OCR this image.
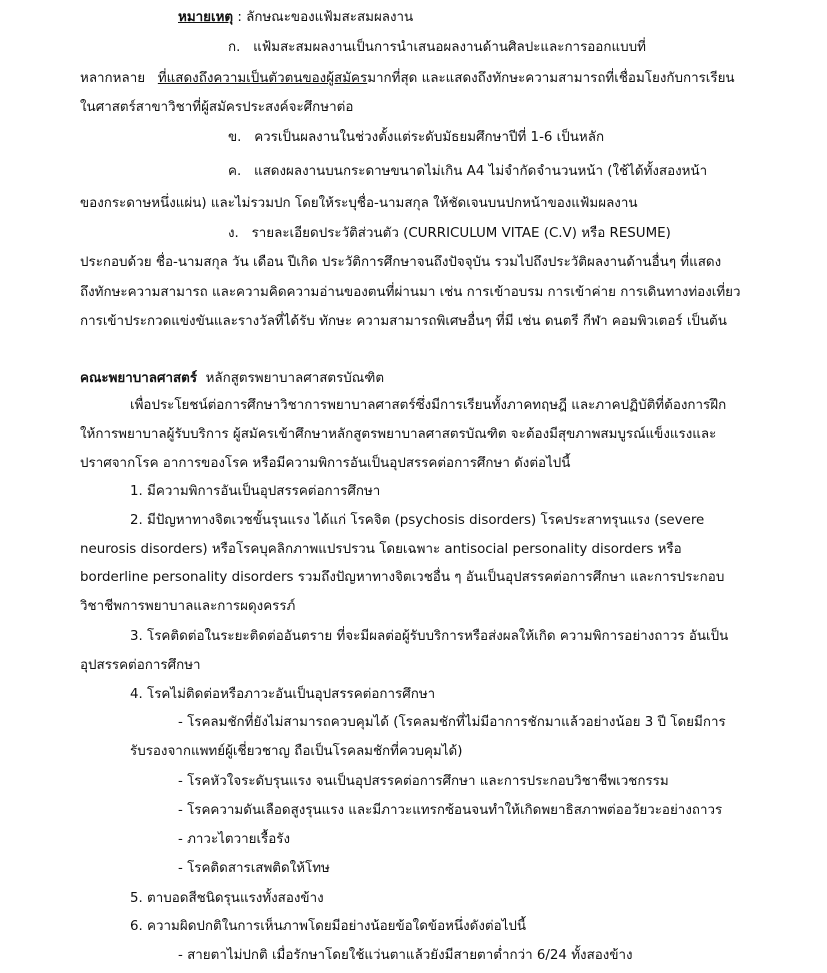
หมายเหตุ : ลักษณะของแฟ้มสะสมผลงาน
ก. แฟ้มสะสมผลงานเป็นการนำเสนอผลงานด้านศิลปะและการออกแบบที่
หลากหลาย ที่แสดงถึงความเป็นตัวตนของผู้สมัครมากที่สุด และแสดงถึงทักษะความสามารถที่เชื่อมโยงกับการเรียน
ในศาสตร์สาขาวิชาที่ผู้สมัครประสงค์จะศึกษาต่อ
ข. ควรเป็นผลงานในช่วงตั้งแต่ระดับมัธยมศึกษาปีที่ 1-6 เป็นหลัก
ค. แสดงผลงานบนกระดาษขนาดไม่เกิน A4 ไม่จำกัดจำนวนหน้า (ใช้ได้ทั้งสองหน้า
ของกระดาษหนึ่งแผ่น) และไม่รวมปก โดยให้ระบุชื่อ-นามสกุล ให้ชัดเจนบนปกหน้าของแฟ้มผลงาน
ง. รายละเอียดประวัติส่วนตัว (CURRICULUM VITAE (C.V) หรือ RESUME)
ประกอบด้วย ชื่อ-นามสกุล วัน เดือน ปีเกิด ประวัติการศึกษาจนถึงปัจจุบัน รวมไปถึงประวัติผลงานด้านอื่นๆ ที่แสดง
ถึงทักษะความสามารถ และความคิดความอ่านของตนที่ผ่านมา เช่น การเข้าอบรม การเข้าค่าย การเดินทางท่องเที่ยว
การเข้าประกวดแข่งขันและรางวัลที่ได้รับ ทักษะ ความสามารถพิเศษอื่นๆ ที่มี เช่น ดนตรี กีฬา คอมพิวเตอร์ เป็นต้น
คณะพยาบาลศาสตร์ หลักสูตรพยาบาลศาสตรบัณฑิต
เพื่อประโยชน์ต่อการศึกษาวิชาการพยาบาลศาสตร์ซึ่งมีการเรียนทั้งภาคทฤษฎี และภาคปฏิบัติที่ต้องการฝึก
ให้การพยาบาลผู้รับบริการ ผู้สมัครเข้าศึกษาหลักสูตรพยาบาลศาสตรบัณฑิต จะต้องมีสุขภาพสมบูรณ์แข็งแรงและ
ปราศจากโรค อาการของโรค หรือมีความพิการอันเป็นอุปสรรคต่อการศึกษา ดังต่อไปนี้
1. มีความพิการอันเป็นอุปสรรคต่อการศึกษา
2. มีปัญหาทางจิตเวชขั้นรุนแรง ได้แก่ โรคจิต (psychosis disorders) โรคประสาทรุนแรง (severe
neurosis disorders) หรือโรคบุคลิกภาพแปรปรวน โดยเฉพาะ antisocial personality disorders หรือ
borderline personality disorders รวมถึงปัญหาทางจิตเวชอื่น ๆ อันเป็นอุปสรรคต่อการศึกษา และการประกอบ
วิชาชีพการพยาบาลและการผดุงครรภ์
3. โรคติดต่อในระยะติดต่ออันตราย ที่จะมีผลต่อผู้รับบริการหรือส่งผลให้เกิด ความพิการอย่างถาวร อันเป็น
อุปสรรคต่อการศึกษา
4. โรคไม่ติดต่อหรือภาวะอันเป็นอุปสรรคต่อการศึกษา
- โรคลมชักที่ยังไม่สามารถควบคุมได้ (โรคลมชักที่ไม่มีอาการชักมาแล้วอย่างน้อย 3 ปี โดยมีการ
รับรองจากแพทย์ผู้เชี่ยวชาญ ถือเป็นโรคลมชักที่ควบคุมได้)
- โรคหัวใจระดับรุนแรง จนเป็นอุปสรรคต่อการศึกษา และการประกอบวิชาชีพเวชกรรม
- โรคความดันเลือดสูงรุนแรง และมีภาวะแทรกซ้อนจนทำให้เกิดพยาธิสภาพต่ออวัยวะอย่างถาวร
- ภาวะไตวายเรื้อรัง
- โรคติดสารเสพติดให้โทษ
5. ตาบอดสีชนิดรุนแรงทั้งสองข้าง
6. ความผิดปกติในการเห็นภาพโดยมีอย่างน้อยข้อใดข้อหนึ่งดังต่อไปนี้
- สายตาไม่ปกติ เมื่อรักษาโดยใช้แว่นตาแล้วยังมีสายตาต่ำกว่า 6/24 ทั้งสองข้าง
